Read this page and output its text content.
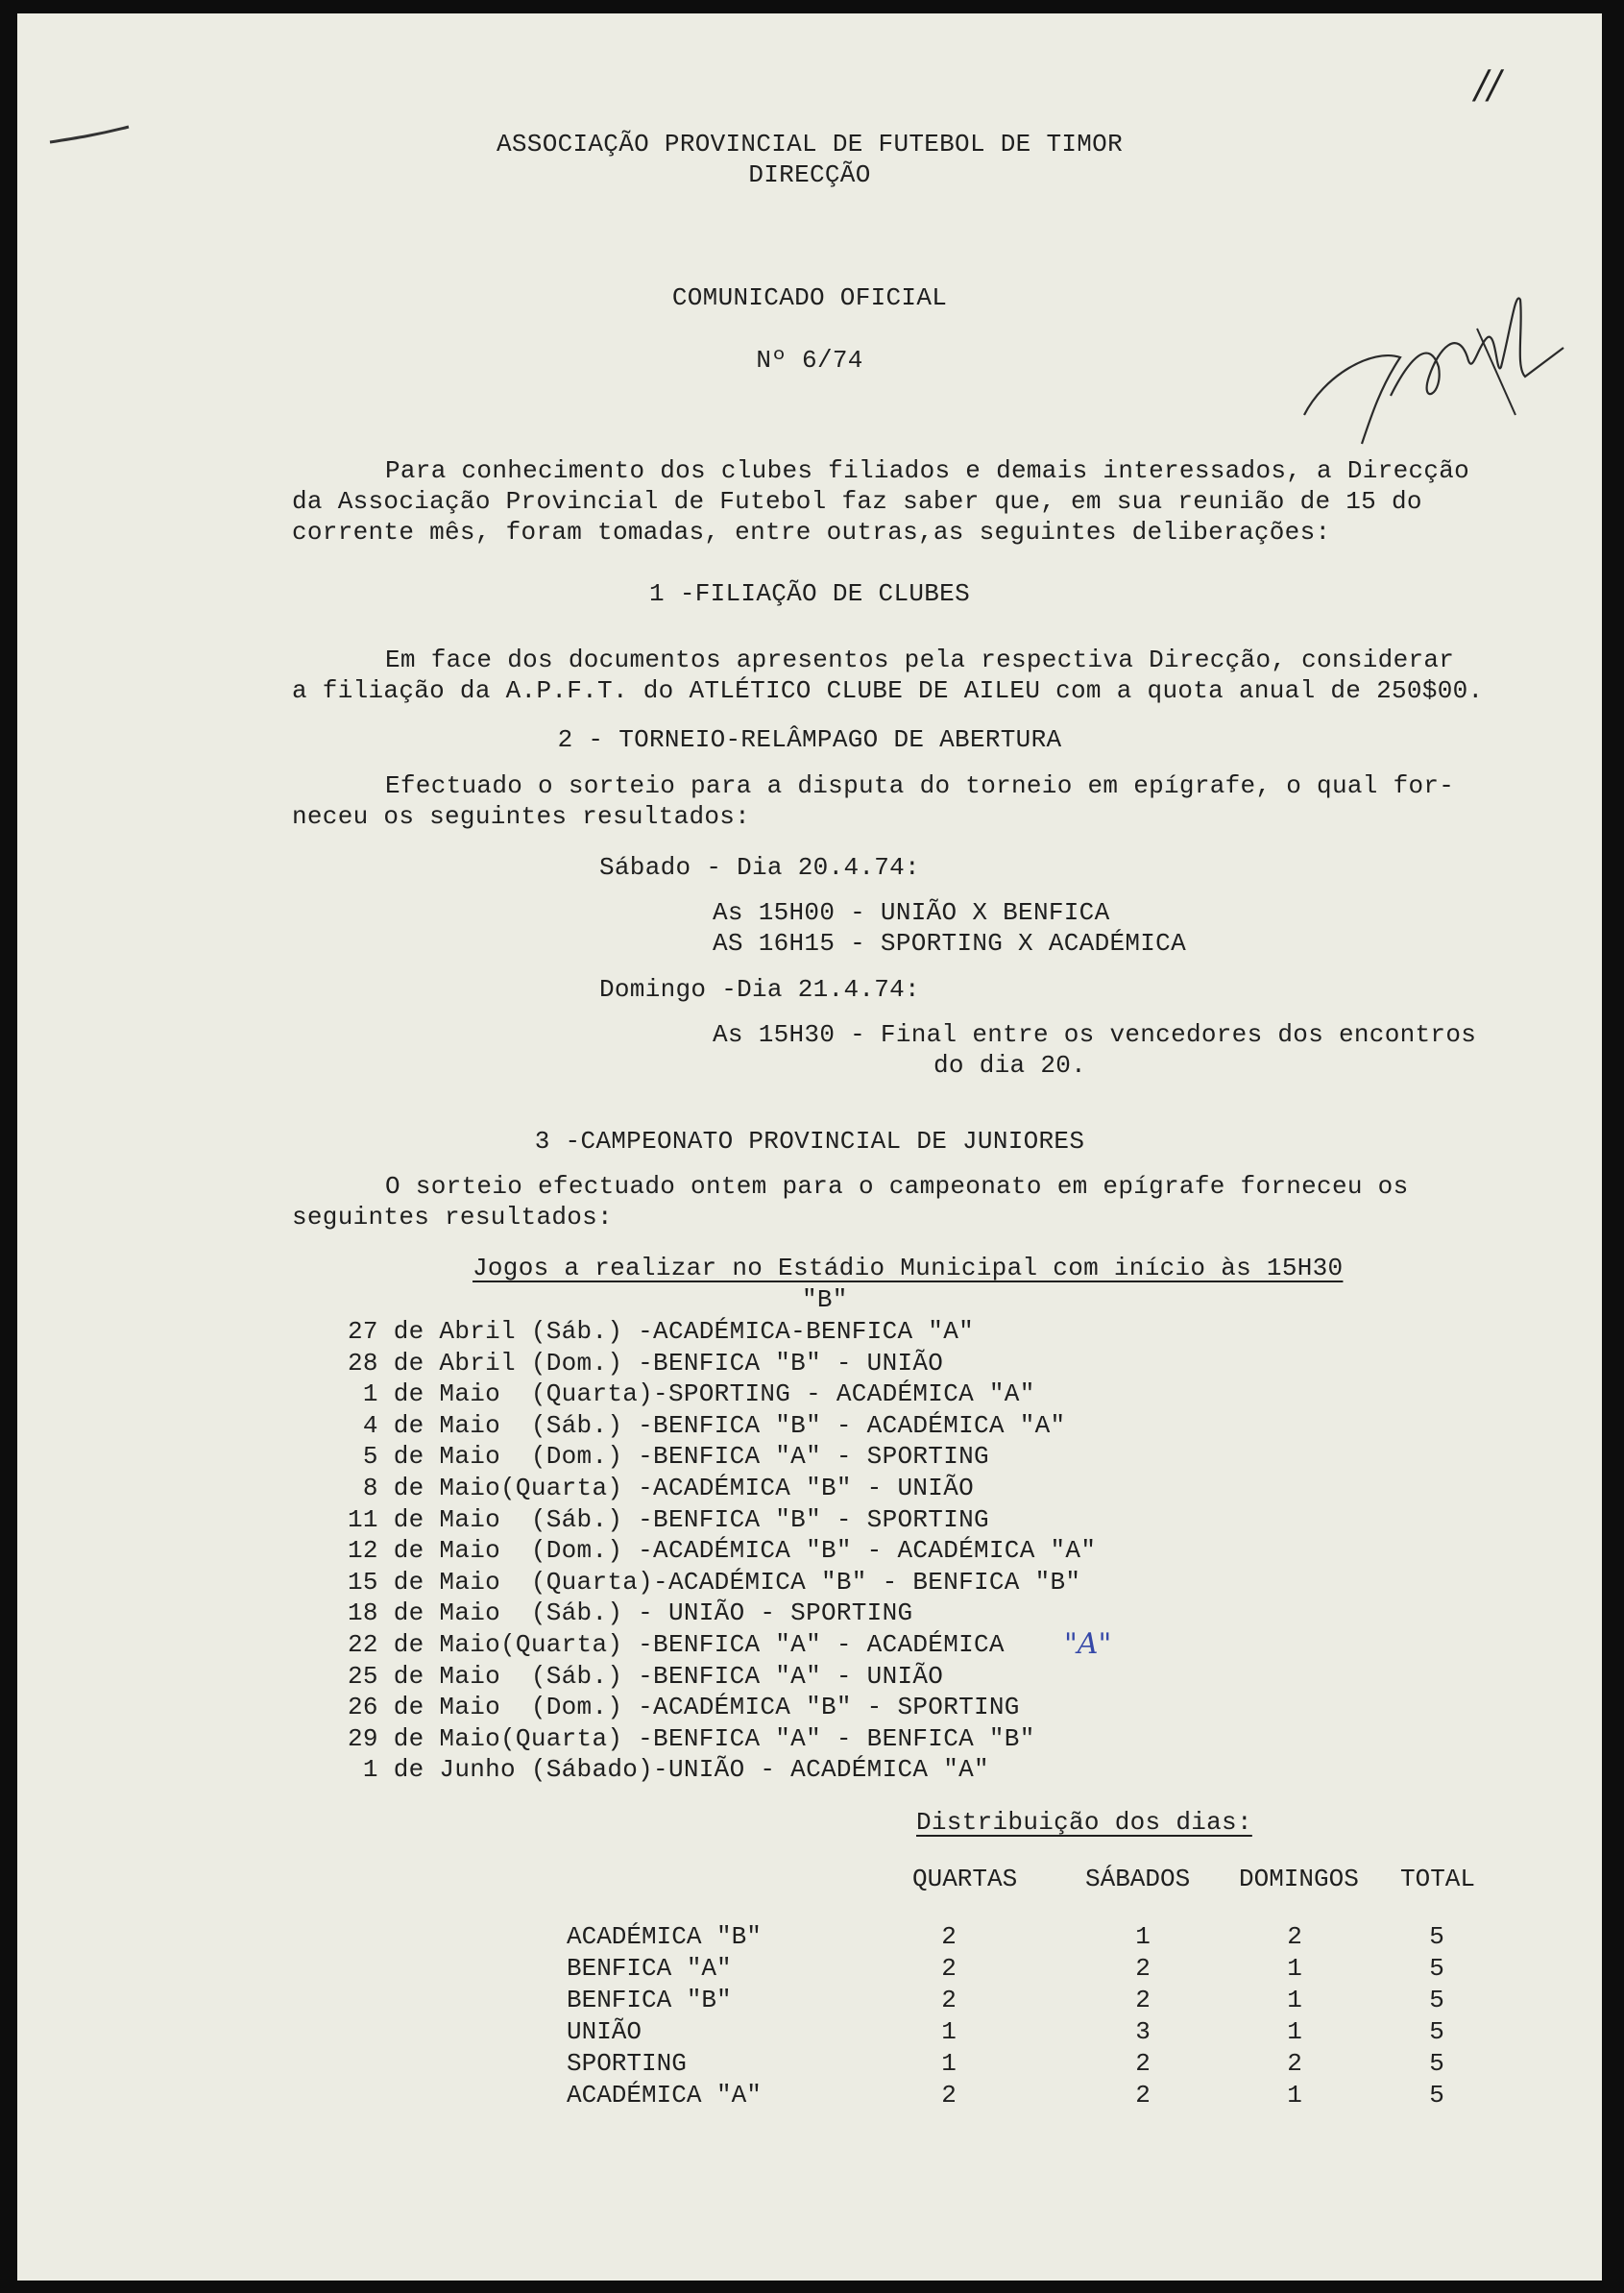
//
ASSOCIAÇÃO PROVINCIAL DE FUTEBOL DE TIMOR
DIRECÇÃO
COMUNICADO OFICIAL
Nº 6/74
Para conhecimento dos clubes filiados e demais interessados, a Direcção
da Associação Provincial de Futebol faz saber que, em sua reunião de 15 do
corrente mês, foram tomadas, entre outras,as seguintes deliberações:
1 -FILIAÇÃO DE CLUBES
Em face dos documentos apresentos pela respectiva Direcção, considerar
a filiação da A.P.F.T. do ATLÉTICO CLUBE DE AILEU com a quota anual de 250$00.
2 - TORNEIO-RELÂMPAGO DE ABERTURA
Efectuado o sorteio para a disputa do torneio em epígrafe, o qual for-
neceu os seguintes resultados:
Sábado - Dia 20.4.74:
As 15H00 - UNIÃO X BENFICA
AS 16H15 - SPORTING X ACADÉMICA
Domingo -Dia 21.4.74:
As 15H30 - Final entre os vencedores dos encontros
do dia 20.
3 -CAMPEONATO PROVINCIAL DE JUNIORES
O sorteio efectuado ontem para o campeonato em epígrafe forneceu os
seguintes resultados:
Jogos a realizar no Estádio Municipal com início às 15H30
"B"
27 de Abril (Sáb.) -ACADÉMICA-BENFICA "A"
28 de Abril (Dom.) -BENFICA "B" - UNIÃO
1 de Maio  (Quarta)-SPORTING - ACADÉMICA "A"
4 de Maio  (Sáb.) -BENFICA "B" - ACADÉMICA "A"
5 de Maio  (Dom.) -BENFICA "A" - SPORTING
8 de Maio(Quarta) -ACADÉMICA "B" - UNIÃO
11 de Maio  (Sáb.) -BENFICA "B" - SPORTING
12 de Maio  (Dom.) -ACADÉMICA "B" - ACADÉMICA "A"
15 de Maio  (Quarta)-ACADÉMICA "B" - BENFICA "B"
18 de Maio  (Sáb.) - UNIÃO - SPORTING
22 de Maio(Quarta) -BENFICA "A" - ACADÉMICA
25 de Maio  (Sáb.) -BENFICA "A" - UNIÃO
26 de Maio  (Dom.) -ACADÉMICA "B" - SPORTING
29 de Maio(Quarta) -BENFICA "A" - BENFICA "B"
1 de Junho (Sábado)-UNIÃO - ACADÉMICA "A"
"A"
Distribuição dos dias:
QUARTAS	SÁBADOS DOMINGOS TOTAL
ACADÉMICA "B"	2	1	2	5
BENFICA "A"	2	2	1	5
BENFICA "B"	2	2	1	5
UNIÃO	1	3	1	5
SPORTING	1	2	2	5
ACADÉMICA "A"	2	2	1	5
